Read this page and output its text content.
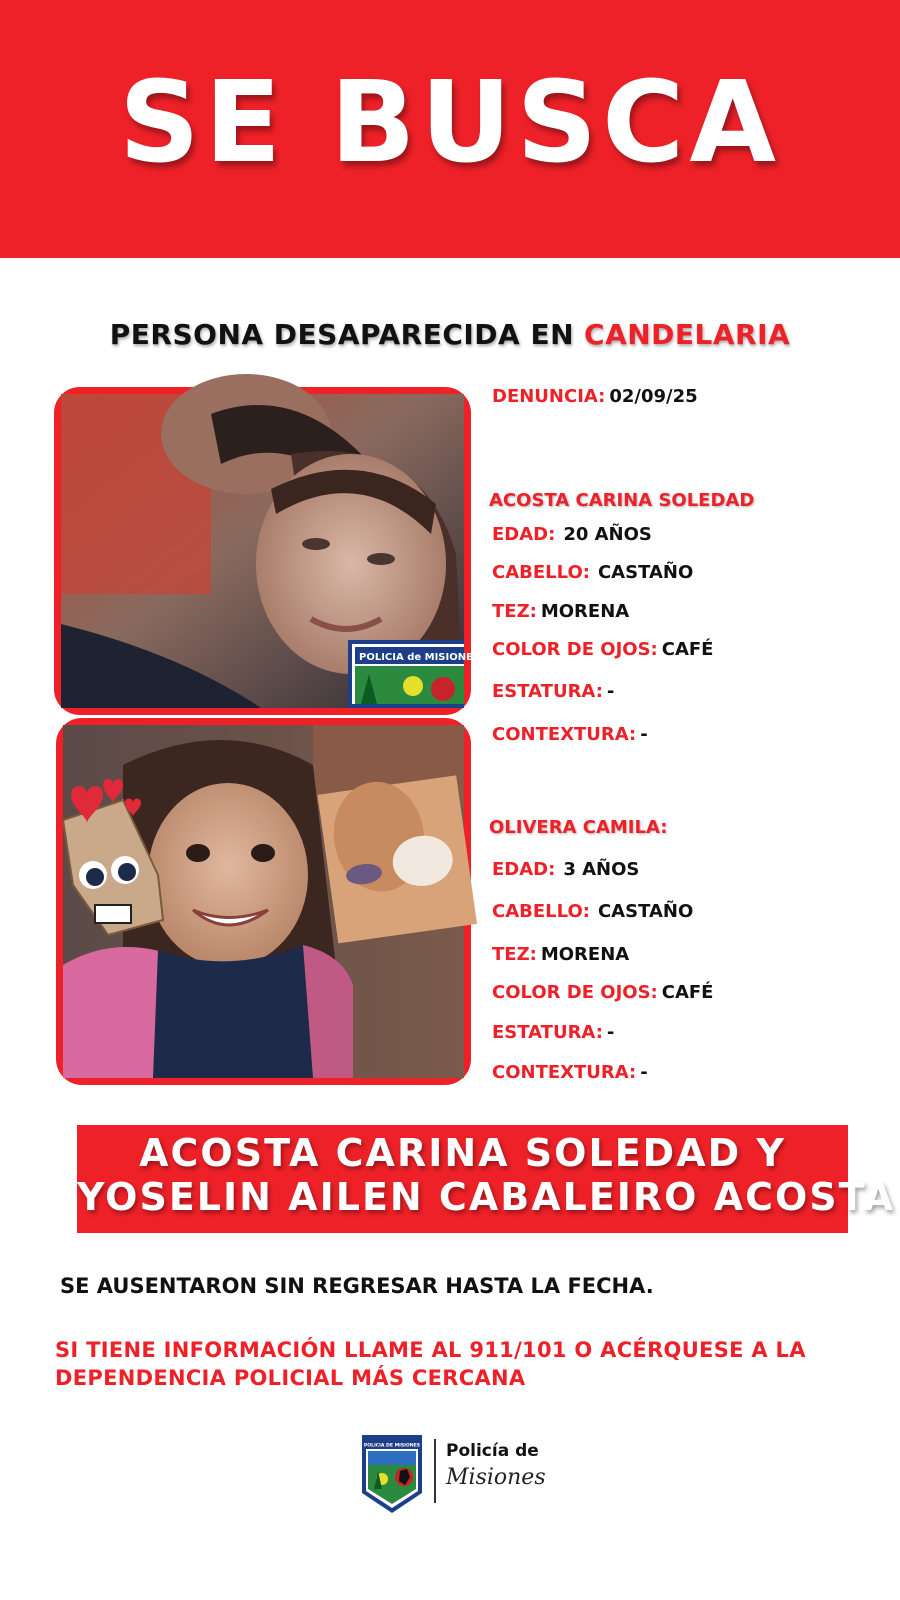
SE BUSCA
PERSONA DESAPARECIDA EN CANDELARIA
POLICIA de MISIONES
DENUNCIA: 02/09/25
ACOSTA CARINA SOLEDAD
EDAD: 20 AÑOS
CABELLO: CASTAÑO
TEZ: MORENA
COLOR DE OJOS: CAFÉ
ESTATURA: -
CONTEXTURA: -
OLIVERA CAMILA:
EDAD: 3 AÑOS
CABELLO: CASTAÑO
TEZ: MORENA
COLOR DE OJOS: CAFÉ
ESTATURA: -
CONTEXTURA: -
ACOSTA CARINA SOLEDAD Y
YOSELIN AILEN CABALEIRO ACOSTA
SE AUSENTARON SIN REGRESAR HASTA LA FECHA.
SI TIENE INFORMACIÓN LLAME AL 911/101 O ACÉRQUESE A LA
DEPENDENCIA POLICIAL MÁS CERCANA
POLICIA DE MISIONES Policía de
Misiones
